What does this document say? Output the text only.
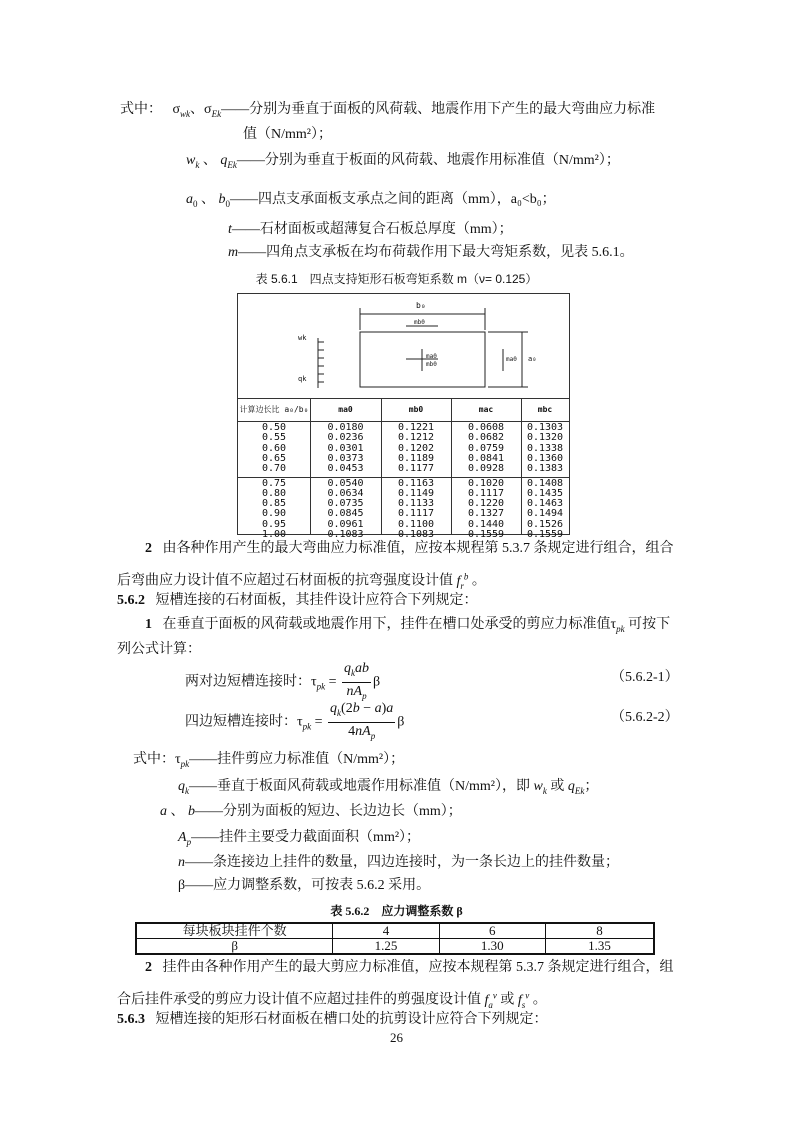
式中：   $\sigma_{wk}$、$\sigma_{Ek}——$分别为垂直于面板的风荷载、地震作用下产生的最大弯曲应力标准
值（N/mm²）；
$w_k$ 、 $q_{Ek}——$分别为垂直于板面的风荷载、地震作用标准值（N/mm²）；
$a_0$ 、 $b_0——$四点支承面板支承点之间的距离（mm），a₀<b₀；
t——石材面板或超薄复合石板总厚度（mm）；
m——四角点支承板在均布荷载作用下最大弯矩系数，见表 5.6.1。
表 5.6.1　四点支持矩形石板弯矩系数 m（ν= 0.125）
b₀
mb0
wk
qk
ma0
mb0
ma0 a₀
计算边长比 a₀/b₀	ma0	mb0	mac	mbc
0.50	0.0180	0.1221	0.0608	0.1303
0.55	0.0236	0.1212	0.0682	0.1320
0.60	0.0301	0.1202	0.0759	0.1338
0.65	0.0373	0.1189	0.0841	0.1360
0.70	0.0453	0.1177	0.0928	0.1383
0.75	0.0540	0.1163	0.1020	0.1408
0.80	0.0634	0.1149	0.1117	0.1435
0.85	0.0735	0.1133	0.1220	0.1463
0.90	0.0845	0.1117	0.1327	0.1494
0.95	0.0961	0.1100	0.1440	0.1526
1.00	0.1083	0.1083	0.1559	0.1559
2 由各种作用产生的最大弯曲应力标准值，应按本规程第 5.3.7 条规定进行组合，组合
后弯曲应力设计值不应超过石材面板的抗弯强度设计值 $f_r^b$ 。
5.6.2 短槽连接的石材面板，其挂件设计应符合下列规定：
1 在垂直于面板的风荷载或地震作用下，挂件在槽口处承受的剪应力标准值$\tau_{pk}$ 可按下
列公式计算：
两对边短槽连接时：$\tau_{pk} = \frac{q_kab}{nA_p}$ β	（5.6.2-1）
四边短槽连接时：$\tau_{pk} = \frac{q_k(2b - a)a}{4nA_p}$ β	（5.6.2-2）
式中：$\tau_{pk}——$挂件剪应力标准值（N/mm²）；
$q_k——$垂直于板面风荷载或地震作用标准值（N/mm²），即 $w_k$ 或 $q_{Ek}$；
a 、 b——分别为面板的短边、长边边长（mm）；
$A_p——$挂件主要受力截面面积（mm²）；
n——条连接边上挂件的数量，四边连接时，为一条长边上的挂件数量；
β——应力调整系数，可按表 5.6.2 采用。
表 5.6.2　应力调整系数 β
每块板块挂件个数	4	6	8
β	1.25	1.30	1.35
2 挂件由各种作用产生的最大剪应力标准值，应按本规程第 5.3.7 条规定进行组合，组
合后挂件承受的剪应力设计值不应超过挂件的剪强度设计值 $f_a^v$ 或 $f_s^v$ 。
5.6.3 短槽连接的矩形石材面板在槽口处的抗剪设计应符合下列规定：
26
